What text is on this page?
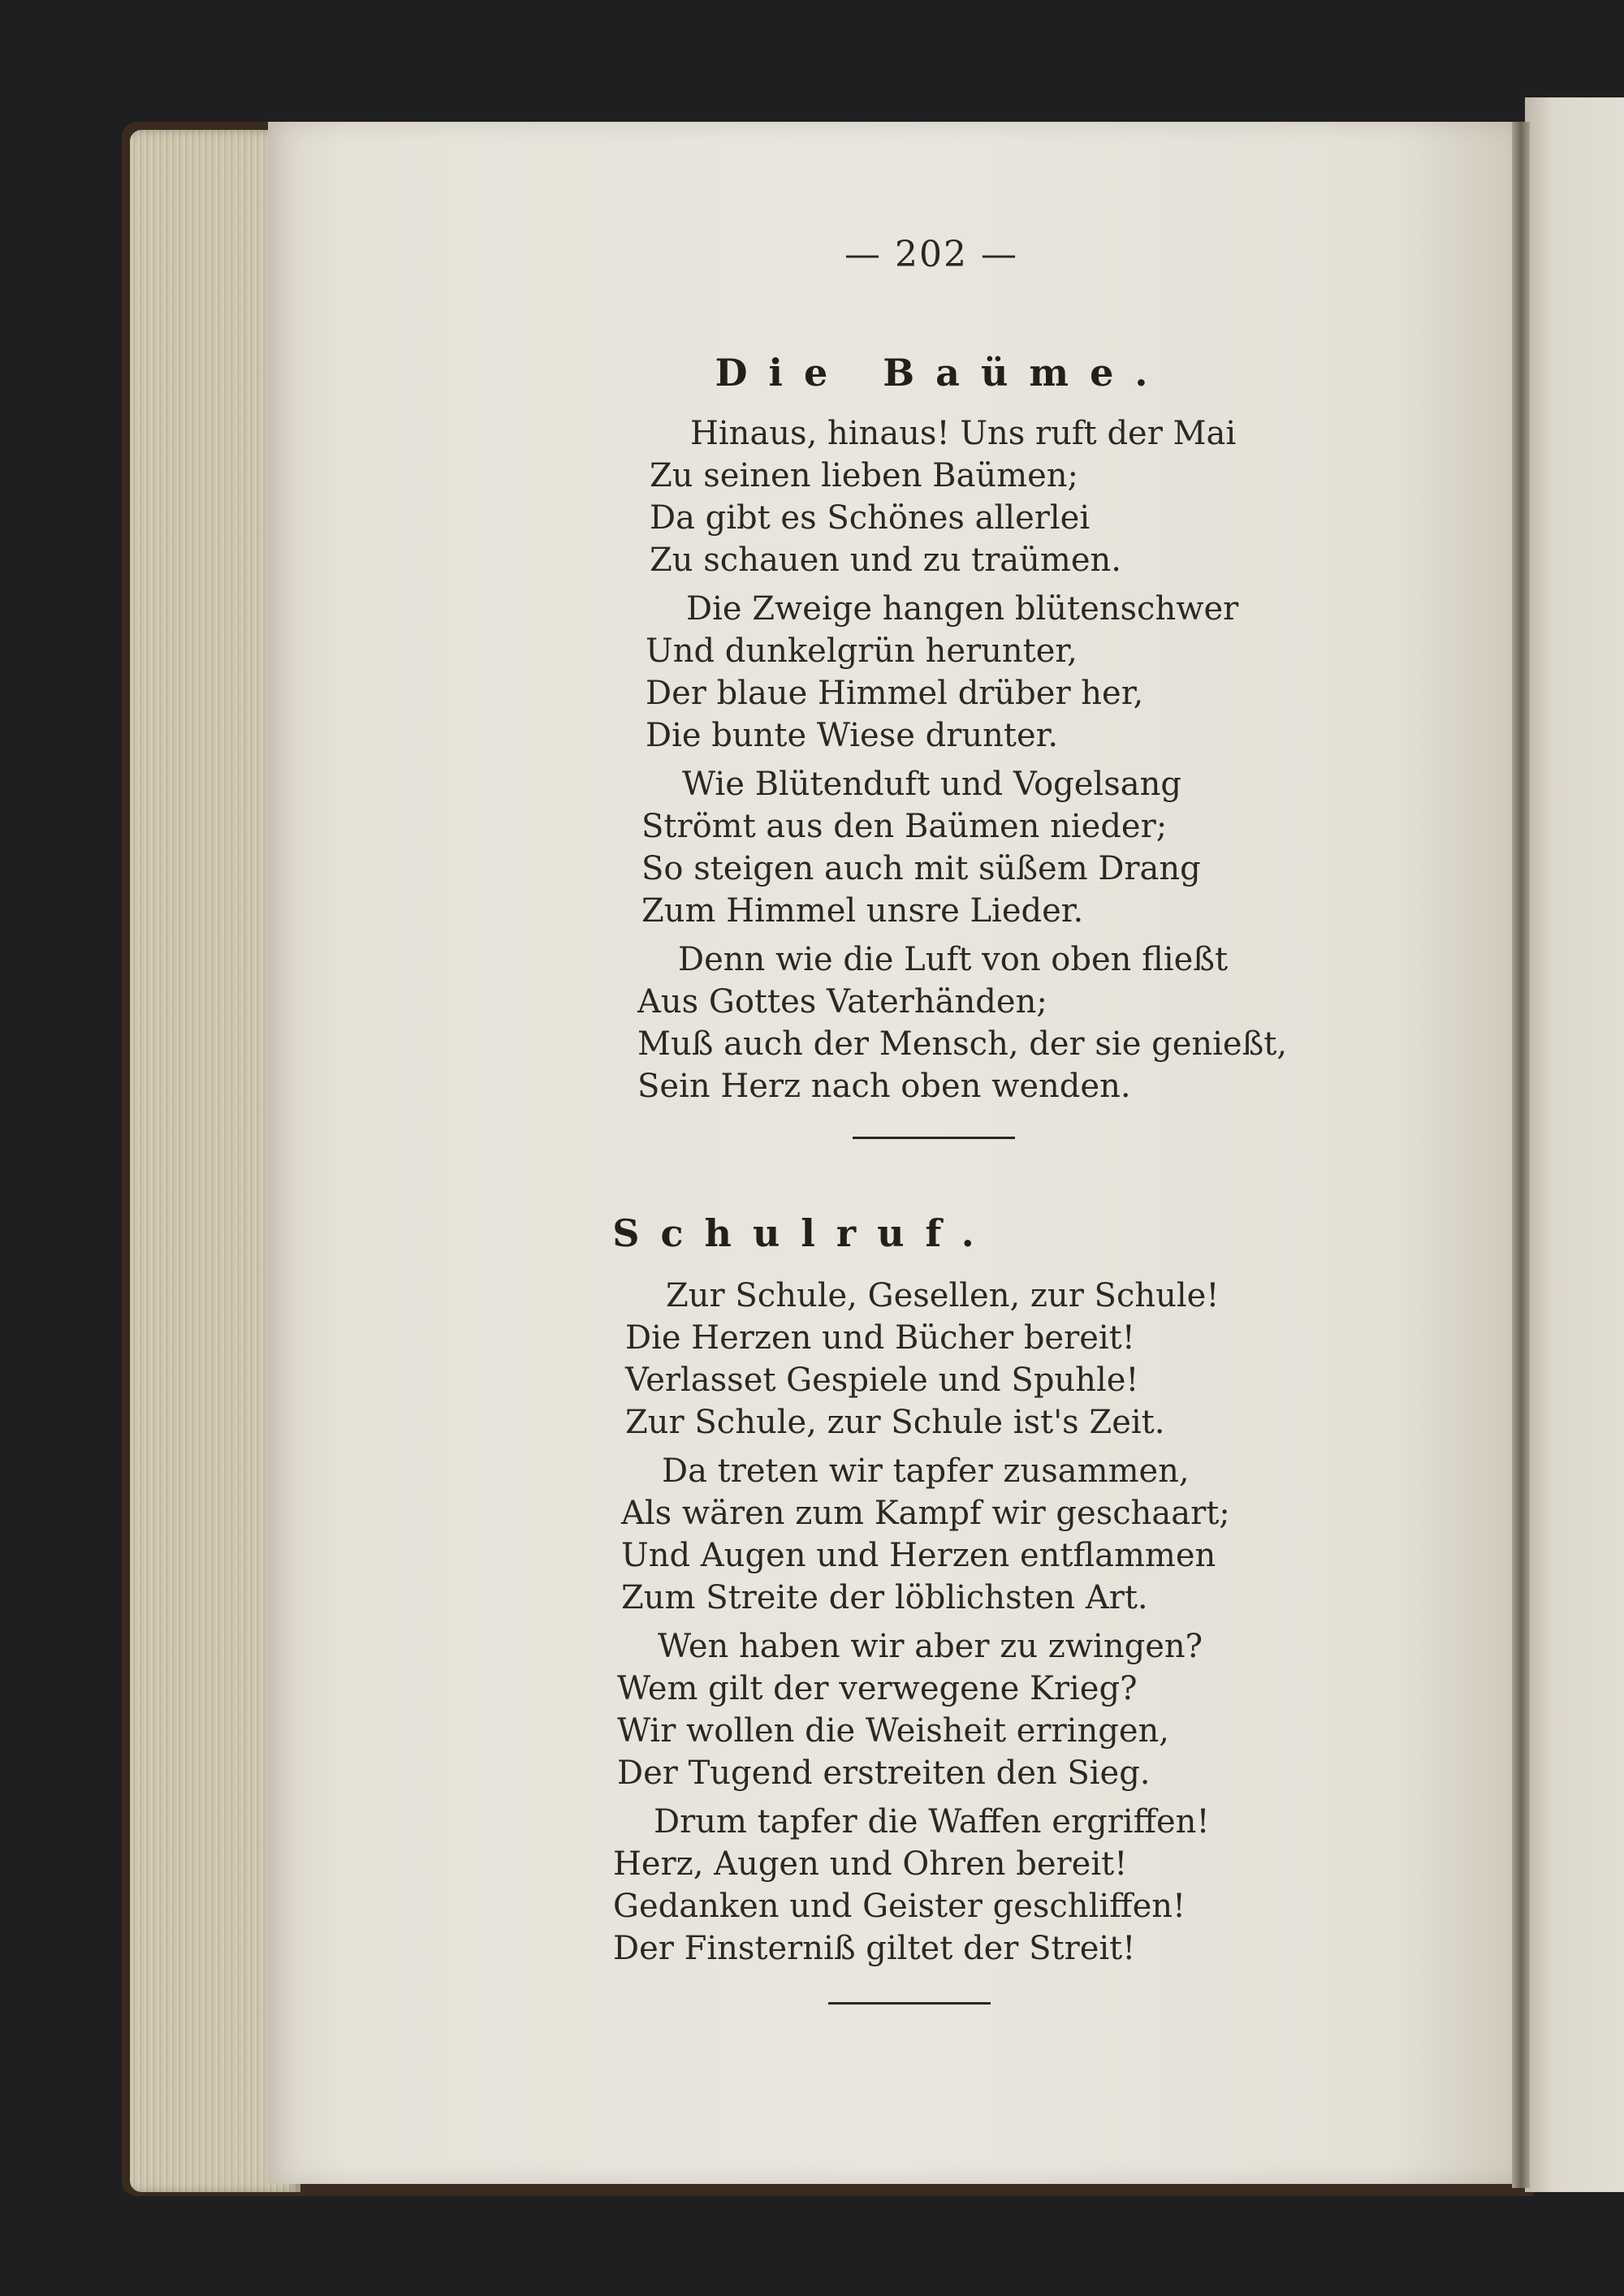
— 202 —
Die Baüme.
Hinaus, hinaus! Uns ruft der Mai
Zu seinen lieben Baümen;
Da gibt es Schönes allerlei
Zu schauen und zu traümen.
Die Zweige hangen blütenschwer
Und dunkelgrün herunter,
Der blaue Himmel drüber her,
Die bunte Wiese drunter.
Wie Blütenduft und Vogelsang
Strömt aus den Baümen nieder;
So steigen auch mit süßem Drang
Zum Himmel unsre Lieder.
Denn wie die Luft von oben fließt
Aus Gottes Vaterhänden;
Muß auch der Mensch, der sie genießt,
Sein Herz nach oben wenden.
Schulruf.
Zur Schule, Gesellen, zur Schule!
Die Herzen und Bücher bereit!
Verlasset Gespiele und Spuhle!
Zur Schule, zur Schule ist's Zeit.
Da treten wir tapfer zusammen,
Als wären zum Kampf wir geschaart;
Und Augen und Herzen entflammen
Zum Streite der löblichsten Art.
Wen haben wir aber zu zwingen?
Wem gilt der verwegene Krieg?
Wir wollen die Weisheit erringen,
Der Tugend erstreiten den Sieg.
Drum tapfer die Waffen ergriffen!
Herz, Augen und Ohren bereit!
Gedanken und Geister geschliffen!
Der Finsterniß giltet der Streit!
